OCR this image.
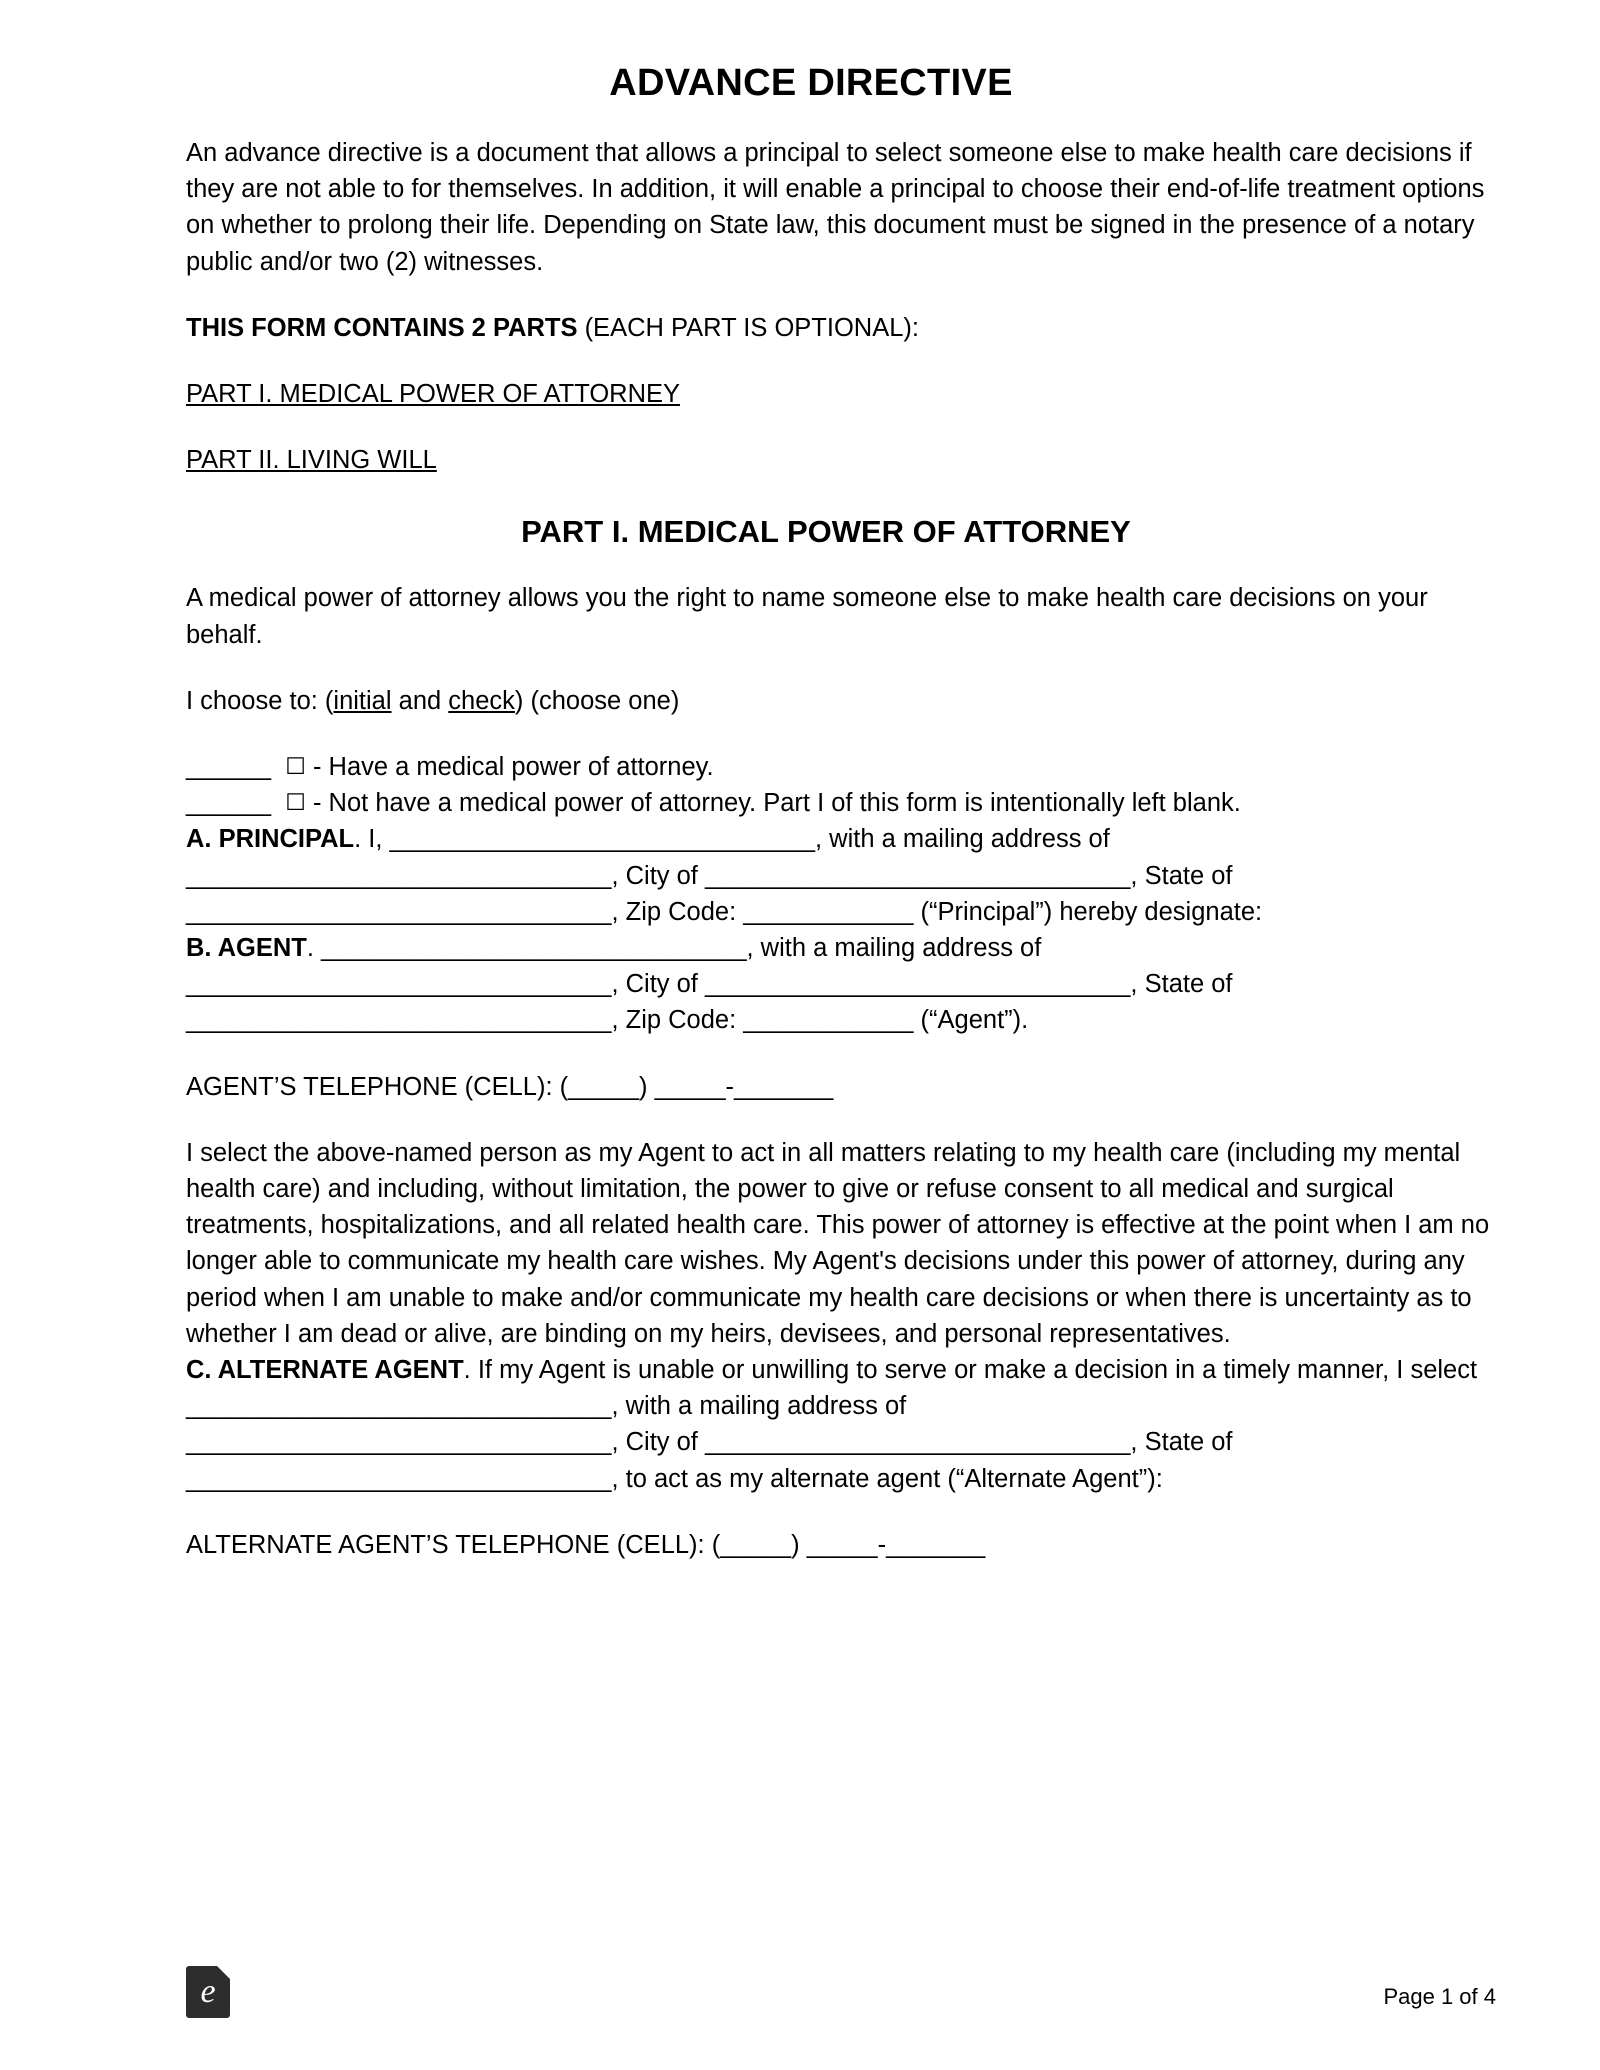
ADVANCE DIRECTIVE

An advance directive is a document that allows a principal to select someone else to make health care decisions if they are not able to for themselves. In addition, it will enable a principal to choose their end-of-life treatment options on whether to prolong their life. Depending on State law, this document must be signed in the presence of a notary public and/or two (2) witnesses.

THIS FORM CONTAINS 2 PARTS (EACH PART IS OPTIONAL):

PART I. MEDICAL POWER OF ATTORNEY

PART II. LIVING WILL

PART I. MEDICAL POWER OF ATTORNEY

A medical power of attorney allows you the right to name someone else to make health care decisions on your behalf.

I choose to: (initial and check) (choose one)

______ ☐ - Have a medical power of attorney.

______ ☐ - Not have a medical power of attorney. Part I of this form is intentionally left blank.

A. PRINCIPAL. I, ______________________________, with a mailing address of
______________________________, City of ______________________________, State of
______________________________, Zip Code: ____________ (“Principal”) hereby designate:
B. AGENT. ______________________________, with a mailing address of
______________________________, City of ______________________________, State of
______________________________, Zip Code: ____________ (“Agent”).

AGENT’S TELEPHONE (CELL): (_____) _____-_______

I select the above-named person as my Agent to act in all matters relating to my health care (including my mental health care) and including, without limitation, the power to give or refuse consent to all medical and surgical treatments, hospitalizations, and all related health care. This power of attorney is effective at the point when I am no longer able to communicate my health care wishes. My Agent's decisions under this power of attorney, during any period when I am unable to make and/or communicate my health care decisions or when there is uncertainty as to whether I am dead or alive, are binding on my heirs, devisees, and personal representatives.

C. ALTERNATE AGENT. If my Agent is unable or unwilling to serve or make a decision in a timely manner, I select ______________________________, with a mailing address of
______________________________, City of ______________________________, State of
______________________________, to act as my alternate agent (“Alternate Agent”):

ALTERNATE AGENT’S TELEPHONE (CELL): (_____) _____-_______

e	Page 1 of 4
